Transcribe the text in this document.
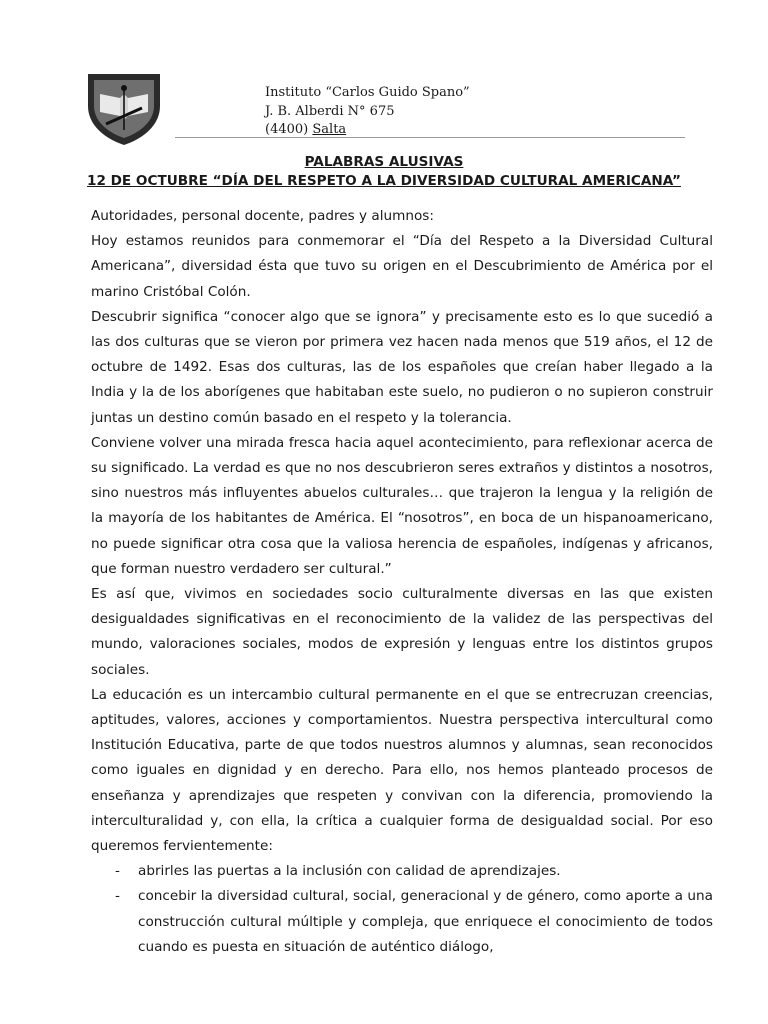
Instituto “Carlos Guido Spano”
J. B. Alberdi N° 675
(4400) Salta
PALABRAS ALUSIVAS
12 DE OCTUBRE “DÍA DEL RESPETO A LA DIVERSIDAD CULTURAL AMERICANA”

Autoridades, personal docente, padres y alumnos:

Hoy estamos reunidos para conmemorar el “Día del Respeto a la Diversidad Cultural Americana”, diversidad ésta que tuvo su origen en el Descubrimiento de América por el marino Cristóbal Colón.

Descubrir significa “conocer algo que se ignora” y precisamente esto es lo que sucedió a las dos culturas que se vieron por primera vez hacen nada menos que 519 años, el 12 de octubre de 1492. Esas dos culturas, las de los españoles que creían haber llegado a la India y la de los aborígenes que habitaban este suelo, no pudieron o no supieron construir juntas un destino común basado en el respeto y la tolerancia.

Conviene volver una mirada fresca hacia aquel acontecimiento, para reflexionar acerca de su significado. La verdad es que no nos descubrieron seres extraños y distintos a nosotros, sino nuestros más influyentes abuelos culturales… que trajeron la lengua y la religión de la mayoría de los habitantes de América. El “nosotros”, en boca de un hispanoamericano, no puede significar otra cosa que la valiosa herencia de españoles, indígenas y africanos, que forman nuestro verdadero ser cultural.”

Es así que, vivimos en sociedades socio culturalmente diversas en las que existen desigualdades significativas en el reconocimiento de la validez de las perspectivas del mundo, valoraciones sociales, modos de expresión y lenguas entre los distintos grupos sociales.

La educación es un intercambio cultural permanente en el que se entrecruzan creencias, aptitudes, valores, acciones y comportamientos. Nuestra perspectiva intercultural como Institución Educativa, parte de que todos nuestros alumnos y alumnas, sean reconocidos como iguales en dignidad y en derecho. Para ello, nos hemos planteado procesos de enseñanza y aprendizajes que respeten y convivan con la diferencia, promoviendo la interculturalidad y, con ella, la crítica a cualquier forma de desigualdad social. Por eso queremos fervientemente:

- abrirles las puertas a la inclusión con calidad de aprendizajes.
- concebir la diversidad cultural, social, generacional y de género, como aporte a una construcción cultural múltiple y compleja, que enriquece el conocimiento de todos cuando es puesta en situación de auténtico diálogo,
